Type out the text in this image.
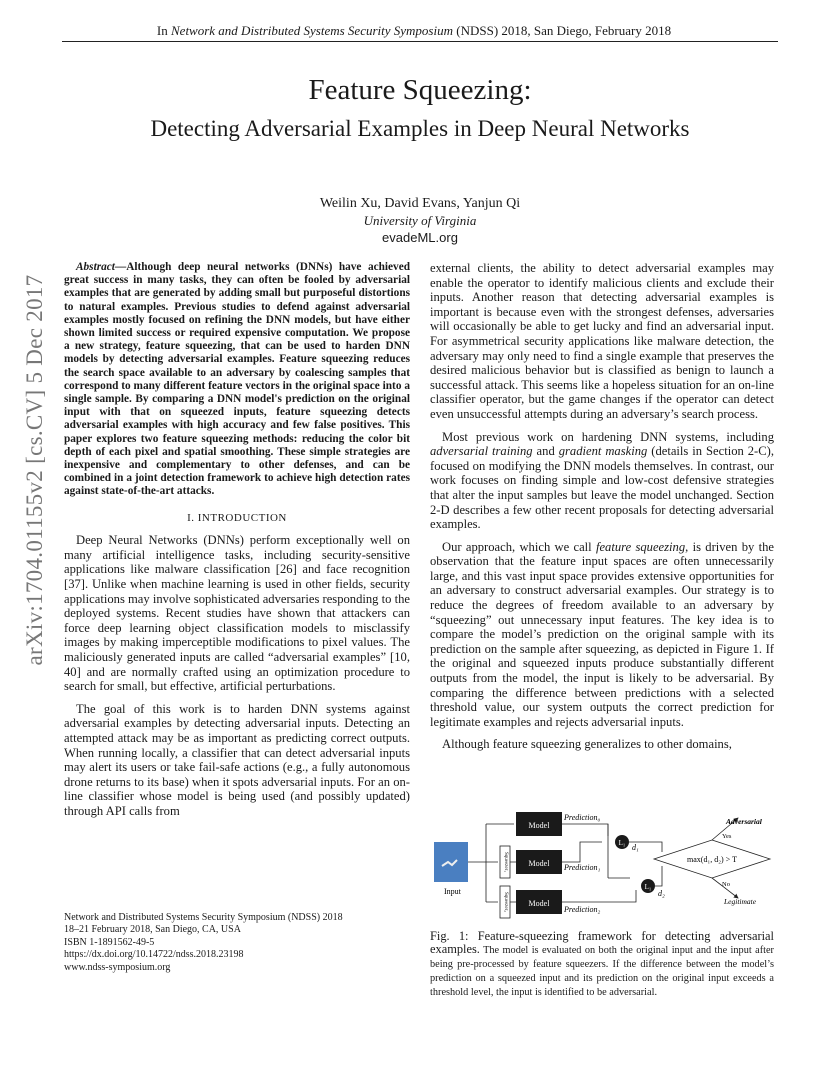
In Network and Distributed Systems Security Symposium (NDSS) 2018, San Diego, February 2018
Feature Squeezing:
Detecting Adversarial Examples in Deep Neural Networks
Weilin Xu, David Evans, Yanjun Qi
University of Virginia
evadeML.org
arXiv:1704.01155v2 [cs.CV] 5 Dec 2017

Abstract—Although deep neural networks (DNNs) have achieved great success in many tasks, they can often be fooled by adversarial examples that are generated by adding small but purposeful distortions to natural examples. Previous studies to defend against adversarial examples mostly focused on refining the DNN models, but have either shown limited success or required expensive computation. We propose a new strategy, feature squeezing, that can be used to harden DNN models by detecting adversarial examples. Feature squeezing reduces the search space available to an adversary by coalescing samples that correspond to many different feature vectors in the original space into a single sample. By comparing a DNN model's prediction on the original input with that on squeezed inputs, feature squeezing detects adversarial examples with high accuracy and few false positives. This paper explores two feature squeezing methods: reducing the color bit depth of each pixel and spatial smoothing. These simple strategies are inexpensive and complementary to other defenses, and can be combined in a joint detection framework to achieve high detection rates against state-of-the-art attacks.

I. INTRODUCTION

Deep Neural Networks (DNNs) perform exceptionally well on many artificial intelligence tasks, including security-sensitive applications like malware classification [26] and face recognition [37]. Unlike when machine learning is used in other fields, security applications may involve sophisticated adversaries responding to the deployed systems. Recent studies have shown that attackers can force deep learning object classification models to misclassify images by making imperceptible modifications to pixel values. The maliciously generated inputs are called “adversarial examples” [10, 40] and are normally crafted using an optimization procedure to search for small, but effective, artificial perturbations.

The goal of this work is to harden DNN systems against adversarial examples by detecting adversarial inputs. Detecting an attempted attack may be as important as predicting correct outputs. When running locally, a classifier that can detect adversarial inputs may alert its users or take fail-safe actions (e.g., a fully autonomous drone returns to its base) when it spots adversarial inputs. For an on-line classifier whose model is being used (and possibly updated) through API calls from

Network and Distributed Systems Security Symposium (NDSS) 2018
18–21 February 2018, San Diego, CA, USA
ISBN 1-1891562-49-5
https://dx.doi.org/10.14722/ndss.2018.23198
www.ndss-symposium.org

external clients, the ability to detect adversarial examples may enable the operator to identify malicious clients and exclude their inputs. Another reason that detecting adversarial examples is important is because even with the strongest defenses, adversaries will occasionally be able to get lucky and find an adversarial input. For asymmetrical security applications like malware detection, the adversary may only need to find a single example that preserves the desired malicious behavior but is classified as benign to launch a successful attack. This seems like a hopeless situation for an on-line classifier operator, but the game changes if the operator can detect even unsuccessful attempts during an adversary’s search process.

Most previous work on hardening DNN systems, including adversarial training and gradient masking (details in Section 2-C), focused on modifying the DNN models themselves. In contrast, our work focuses on finding simple and low-cost defensive strategies that alter the input samples but leave the model unchanged. Section 2-D describes a few other recent proposals for detecting adversarial examples.

Our approach, which we call feature squeezing, is driven by the observation that the feature input spaces are often unnecessarily large, and this vast input space provides extensive opportunities for an adversary to construct adversarial examples. Our strategy is to reduce the degrees of freedom available to an adversary by “squeezing” out unnecessary input features. The key idea is to compare the model’s prediction on the original sample with its prediction on the sample after squeezing, as depicted in Figure 1. If the original and squeezed inputs produce substantially different outputs from the model, the input is likely to be adversarial. By comparing the difference between predictions with a selected threshold value, our system outputs the correct prediction for legitimate examples and rejects adversarial inputs.

Although feature squeezing generalizes to other domains,

Input
Squeezer₁
Squeezer₂
Model
Model
Model
Prediction₀
Prediction₁
Prediction₂
L₁
L₁
d₁
d₂
max(d₁, d₂) > T
Yes
No
Adversarial
Legitimate
Fig. 1: Feature-squeezing framework for detecting adversarial examples. The model is evaluated on both the original input and the input after being pre-processed by feature squeezers. If the difference between the model’s prediction on a squeezed input and its prediction on the original input exceeds a threshold level, the input is identified to be adversarial.
